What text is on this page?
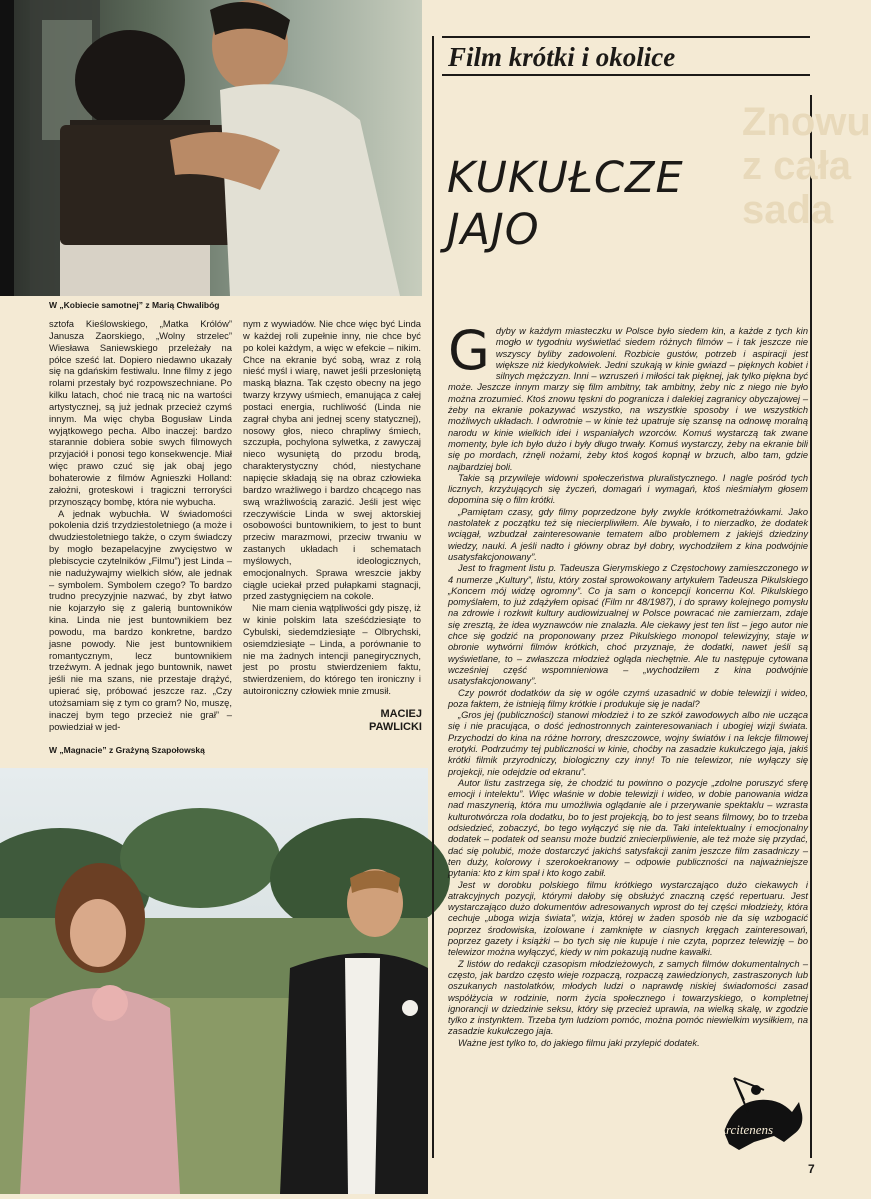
W „Kobiecie samotnej” z Marią Chwalibóg

sztofa Kieślowskiego, „Matka Królów” Janusza Zaorskiego, „Wolny strzelec” Wiesława Saniewskiego przeleżały na półce sześć lat. Dopiero niedawno ukazały się na gdańskim festiwalu. Inne filmy z jego rolami przestały być rozpowszechniane. Po kilku latach, choć nie tracą nic na wartości artystycznej, są już jednak przecież czymś innym. Ma więc chyba Bogusław Linda wyjątkowego pecha. Albo inaczej: bardzo starannie dobiera sobie swych filmowych przyjaciół i ponosi tego konsekwencje. Miał więc prawo czuć się jak obaj jego bohaterowie z filmów Agnieszki Holland: założni, groteskowi i tragiczni terroryści przynoszący bombę, która nie wybucha.

A jednak wybuchła. W świadomości pokolenia dziś trzydziestoletniego (a może i dwudziestoletniego także, o czym świadczy by mogło bezapelacyjne zwycięstwo w plebiscycie czytelników „Filmu”) jest Linda – nie nadużywajmy wielkich słów, ale jednak – symbolem. Symbolem czego? To bardzo trudno precyzyjnie nazwać, by zbyt łatwo nie kojarzyło się z galerią buntowników kina. Linda nie jest buntownikiem bez powodu, ma bardzo konkretne, bardzo jasne powody. Nie jest buntownikiem romantycznym, lecz buntownikiem trzeźwym. A jednak jego buntownik, nawet jeśli nie ma szans, nie przestaje drążyć, upierać się, próbować jeszcze raz. „Czy utożsamiam się z tym co gram? No, muszę, inaczej bym tego przecież nie grał” – powiedział w jed-

nym z wywiadów. Nie chce więc być Linda w każdej roli zupełnie inny, nie chce być po kolei każdym, a więc w efekcie – nikim. Chce na ekranie być sobą, wraz z rolą nieść myśl i wiarę, nawet jeśli przesłoniętą maską błazna. Tak często obecny na jego twarzy krzywy uśmiech, emanująca z całej postaci energia, ruchliwość (Linda nie zagrał chyba ani jednej sceny statycznej), nosowy głos, nieco chrapliwy śmiech, szczupła, pochylona sylwetka, z zawyczaj nieco wysuniętą do przodu brodą, charakterystyczny chód, niestychane napięcie składają się na obraz człowieka bardzo wrażliwego i bardzo chcącego nas swą wrażliwością zarazić. Jeśli jest więc rzeczywiście Linda w swej aktorskiej osobowości buntownikiem, to jest to bunt przeciw marazmowi, przeciw trwaniu w zastanych układach i schematach myślowych, ideologicznych, emocjonalnych. Sprawa wreszcie jakby ciągle uciekał przed pułapkami stagnacji, przed zastygnięciem na cokole.

Nie mam cienia wątpliwości gdy piszę, iż w kinie polskim lata sześćdziesiąte to Cybulski, siedemdziesiąte – Olbrychski, osiemdziesiąte – Linda, a porównanie to nie ma żadnych intencji panegirycznych, jest po prostu stwierdzeniem faktu, stwierdzeniem, do którego ten ironiczny i autoironiczny człowiek mnie zmusił.

MACIEJ
PAWLICKI

W „Magnacie” z Grażyną Szapołowską

Znowu z cała sada
Film krótki i okolice
KUKUŁCZE
JAJO

Gdyby w każdym miasteczku w Polsce było siedem kin, a każde z tych kin mogło w tygodniu wyświetlać siedem różnych filmów – i tak jeszcze nie wszyscy byliby zadowoleni. Rozbicie gustów, potrzeb i aspiracji jest większe niż kiedykolwiek. Jedni szukają w kinie gwiazd – pięknych kobiet i silnych mężczyzn. Inni – wzruszeń i miłości tak pięknej, jak tylko piękna być może. Jeszcze innym marzy się film ambitny, tak ambitny, żeby nic z niego nie było można zrozumieć. Ktoś znowu tęskni do pogranicza i dalekiej zagranicy obyczajowej – żeby na ekranie pokazywać wszystko, na wszystkie sposoby i we wszystkich możliwych układach. I odwrotnie – w kinie też upatruje się szansę na odnowę moralną narodu w kinie wielkich idei i wspaniałych wzorców. Komuś wystarczą tak zwane momenty, byle ich było dużo i były długo trwały. Komuś wystarczy, żeby na ekranie bili się po mordach, rżnęli nożami, żeby ktoś kogoś kopnął w brzuch, albo tam, gdzie najbardziej boli.

Takie są przywileje widowni społeczeństwa pluralistycznego. I nagle pośród tych licznych, krzyżujących się życzeń, domagań i wymagań, ktoś nieśmiałym głosem dopomina się o film krótki.

„Pamiętam czasy, gdy filmy poprzedzone były zwykle krótkometrażówkami. Jako nastolatek z początku też się niecierpliwiłem. Ale bywało, i to nierzadko, że dodatek wciągał, wzbudzał zainteresowanie tematem albo problemem z jakiejś dziedziny wiedzy, nauki. A jeśli nadto i główny obraz był dobry, wychodziłem z kina podwójnie usatysfakcjonowany”.

Jest to fragment listu p. Tadeusza Gierymskiego z Częstochowy zamieszczonego w 4 numerze „Kultury”, listu, który został sprowokowany artykułem Tadeusza Pikulskiego „Koncern mój widzę ogromny”. Co ja sam o koncepcji koncernu Kol. Pikulskiego pomyślałem, to już zdążyłem opisać (Film nr 48/1987), i do sprawy kolejnego pomysłu na zdrowie i rozkwit kultury audiowizualnej w Polsce powracać nie zamierzam, zdaje się zresztą, że idea wyznawców nie znalazła. Ale ciekawy jest ten list – jego autor nie chce się godzić na proponowany przez Pikulskiego monopol telewizyjny, staje w obronie wytwórni filmów krótkich, choć przyznaje, że dodatki, nawet jeśli są wyświetlane, to – zwłaszcza młodzież ogląda niechętnie. Ale tu następuje cytowana wcześniej część wspomnieniowa – „wychodziłem z kina podwójnie usatysfakcjonowany”.

Czy powrót dodatków da się w ogóle czymś uzasadnić w dobie telewizji i wideo, poza faktem, że istnieją filmy krótkie i produkuje się je nadal?

„Gros jej (publiczności) stanowi młodzież i to ze szkół zawodowych albo nie ucząca się i nie pracująca, o dość jednostronnych zainteresowaniach i ubogiej wizji świata. Przychodzi do kina na różne horrory, dreszczowce, wojny światów i na lekcje filmowej erotyki. Podrzućmy tej publiczności w kinie, choćby na zasadzie kukułczego jaja, jakiś krótki filmik przyrodniczy, biologiczny czy inny! To nie telewizor, nie wyłączy się projekcji, nie odejdzie od ekranu”.

Autor listu zastrzega się, że chodzić tu powinno o pozycje „zdolne poruszyć sferę emocji i intelektu”. Więc właśnie w dobie telewizji i wideo, w dobie panowania widza nad maszynerią, która mu umożliwia oglądanie ale i przerywanie spektaklu – wzrasta kulturotwórcza rola dodatku, bo to jest projekcją, bo to jest seans filmowy, bo to trzeba odsiedzieć, zobaczyć, bo tego wyłączyć się nie da. Taki intelektualny i emocjonalny dodatek – podatek od seansu może budzić zniecierpliwienie, ale też może się przydać, dać się polubić, może dostarczyć jakichś satysfakcji zanim jeszcze film zasadniczy – ten duży, kolorowy i szerokoekranowy – odpowie publiczności na najważniejsze pytania: kto z kim spał i kto kogo zabił.

Jest w dorobku polskiego filmu krótkiego wystarczająco dużo ciekawych i atrakcyjnych pozycji, którymi dałoby się obsłużyć znaczną część repertuaru. Jest wystarczająco dużo dokumentów adresowanych wprost do tej części młodzieży, która cechuje „uboga wizja świata”, wizja, której w żaden sposób nie da się wzbogacić poprzez środowiska, izolowane i zamknięte w ciasnych kręgach zainteresowań, poprzez gazety i książki – bo tych się nie kupuje i nie czyta, poprzez telewizję – bo telewizor można wyłączyć, kiedy w nim pokazują nudne kawałki.

Z listów do redakcji czasopism młodzieżowych, z samych filmów dokumentalnych – często, jak bardzo często wieje rozpaczą, rozpaczą zawiedzionych, zastraszonych lub oszukanych nastolatków, młodych ludzi o naprawdę niskiej świadomości zasad współżycia w rodzinie, norm życia społecznego i towarzyskiego, o kompletnej ignorancji w dziedzinie seksu, który się przecież uprawia, na wielką skalę, w zgodzie tylko z instynktem. Trzeba tym ludziom pomóc, można pomóc niewielkim wysiłkiem, na zasadzie kukułczego jaja.

Ważne jest tylko to, do jakiego filmu jaki przylepić dodatek.

Arcitenens
7
